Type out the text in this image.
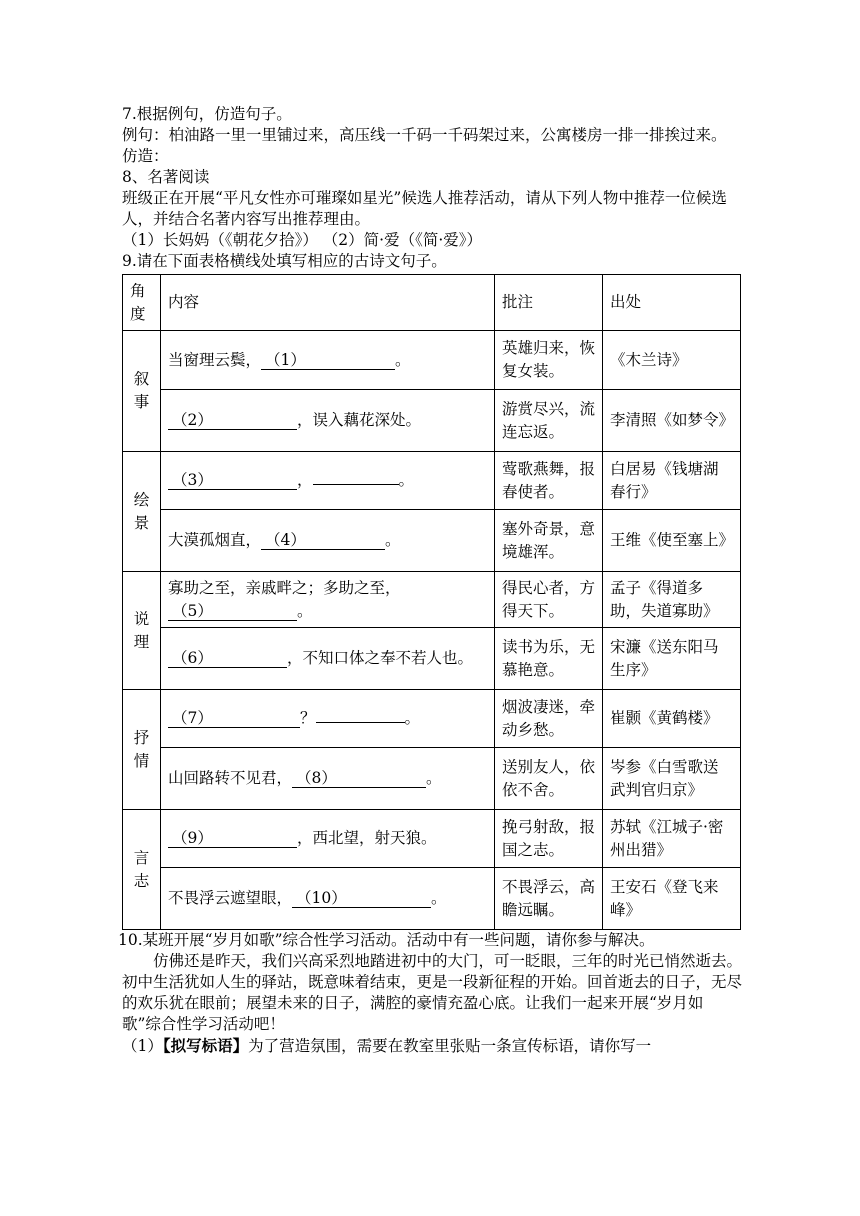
7.根据例句，仿造句子。
例句：柏油路一里一里铺过来，高压线一千码一千码架过来，公寓楼房一排一排挨过来。
仿造：
8、名著阅读
班级正在开展“平凡女性亦可璀璨如星光”候选人推荐活动，请从下列人物中推荐一位候选人，并结合名著内容写出推荐理由。
（1）长妈妈（《朝花夕拾》） （2）简·爱（《简·爱》）
9.请在下面表格横线处填写相应的古诗文句子。
角度	内容	批注	出处
叙事	当窗理云鬓， （1） 。	英雄归来，恢复女装。	《木兰诗》
	（2） ，误入藕花深处。	游赏尽兴，流连忘返。	李清照《如梦令》
绘景	（3） ， 。	莺歌燕舞，报春使者。	白居易《钱塘湖春行》
	大漠孤烟直， （4） 。	塞外奇景，意境雄浑。	王维《使至塞上》
说理	寡助之至，亲戚畔之；多助之至，
（5） 。	得民心者，方得天下。	孟子《得道多助，失道寡助》
	（6） ，不知口体之奉不若人也。	读书为乐，无慕艳意。	宋濂《送东阳马生序》
抒情	（7） ？ 。	烟波凄迷，牵动乡愁。	崔颢《黄鹤楼》
	山回路转不见君， （8） 。	送别友人，依依不舍。	岑参《白雪歌送武判官归京》
言志	（9） ，西北望，射天狼。	挽弓射敌，报国之志。	苏轼《江城子·密州出猎》
	不畏浮云遮望眼， （10） 。	不畏浮云，高瞻远瞩。	王安石《登飞来峰》
10.某班开展“岁月如歌”综合性学习活动。活动中有一些问题，请你参与解决。
仿佛还是昨天，我们兴高采烈地踏进初中的大门，可一眨眼，三年的时光已悄然逝去。初中生活犹如人生的驿站，既意味着结束，更是一段新征程的开始。回首逝去的日子，无尽的欢乐犹在眼前；展望未来的日子，满腔的豪情充盈心底。让我们一起来开展“岁月如歌”综合性学习活动吧！
（1）【拟写标语】为了营造氛围，需要在教室里张贴一条宣传标语，请你写一
